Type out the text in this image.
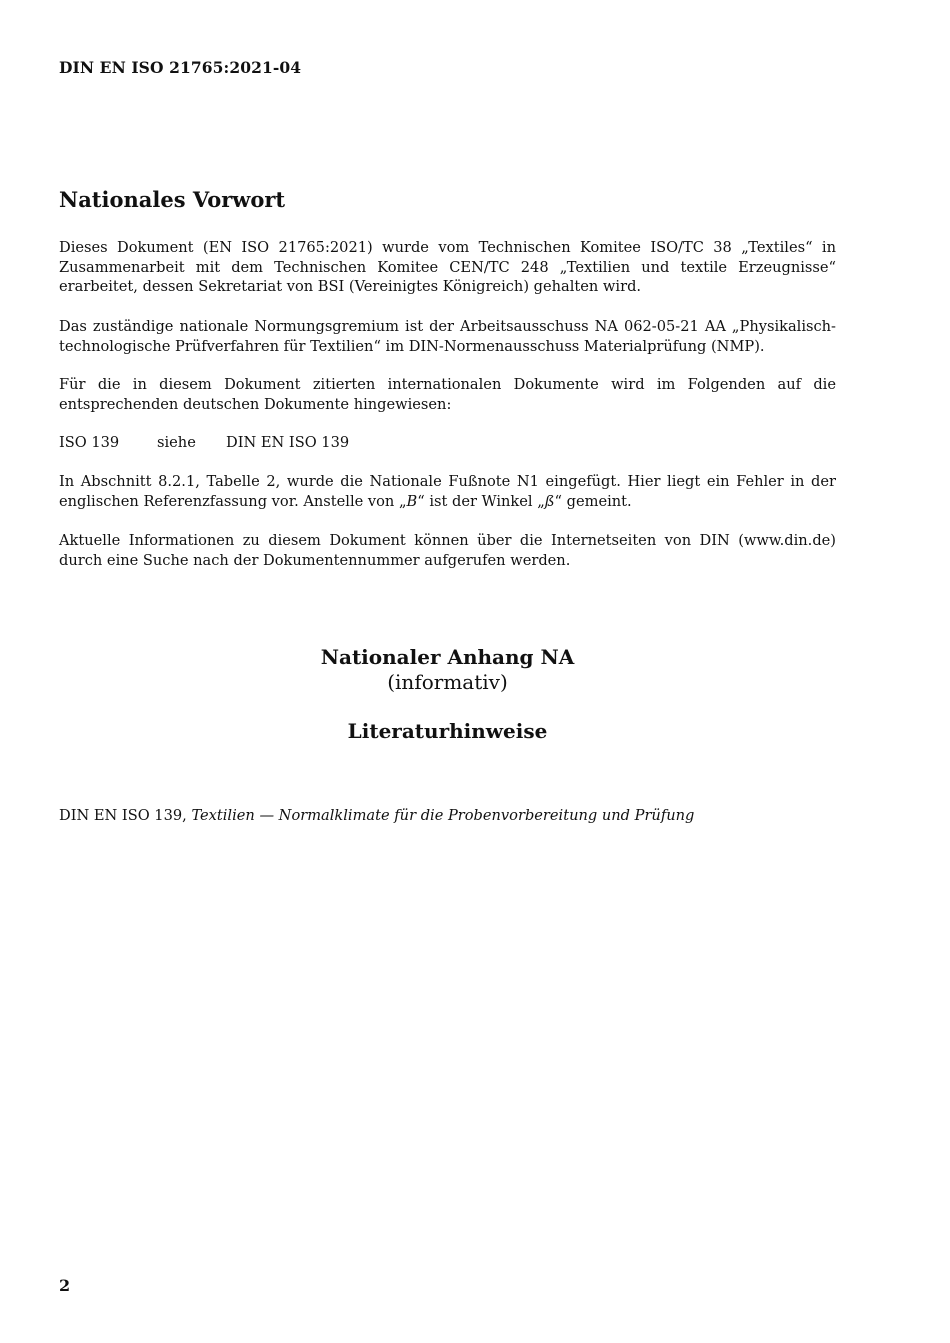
DIN EN ISO 21765:2021-04
Nationales Vorwort

Dieses Dokument (EN ISO 21765:2021) wurde vom Technischen Komitee ISO/TC 38 „Textiles“ in Zusammenarbeit mit dem Technischen Komitee CEN/TC 248 „Textilien und textile Erzeugnisse“ erarbeitet, dessen Sekretariat von BSI (Vereinigtes Königreich) gehalten wird.

Das zuständige nationale Normungsgremium ist der Arbeitsausschuss NA 062-05-21 AA „Physikalisch-technologische Prüfverfahren für Textilien“ im DIN-Normenausschuss Materialprüfung (NMP).

Für die in diesem Dokument zitierten internationalen Dokumente wird im Folgenden auf die entsprechenden deutschen Dokumente hingewiesen:

ISO 139	siehe DIN EN ISO 139

In Abschnitt 8.2.1, Tabelle 2, wurde die Nationale Fußnote N1 eingefügt. Hier liegt ein Fehler in der englischen Referenzfassung vor. Anstelle von „B“ ist der Winkel „ß“ gemeint.

Aktuelle Informationen zu diesem Dokument können über die Internetseiten von DIN (www.din.de) durch eine Suche nach der Dokumentennummer aufgerufen werden.

Nationaler Anhang NA
(informativ)
Literaturhinweise
DIN EN ISO 139, Textilien — Normalklimate für die Probenvorbereitung und Prüfung
2
